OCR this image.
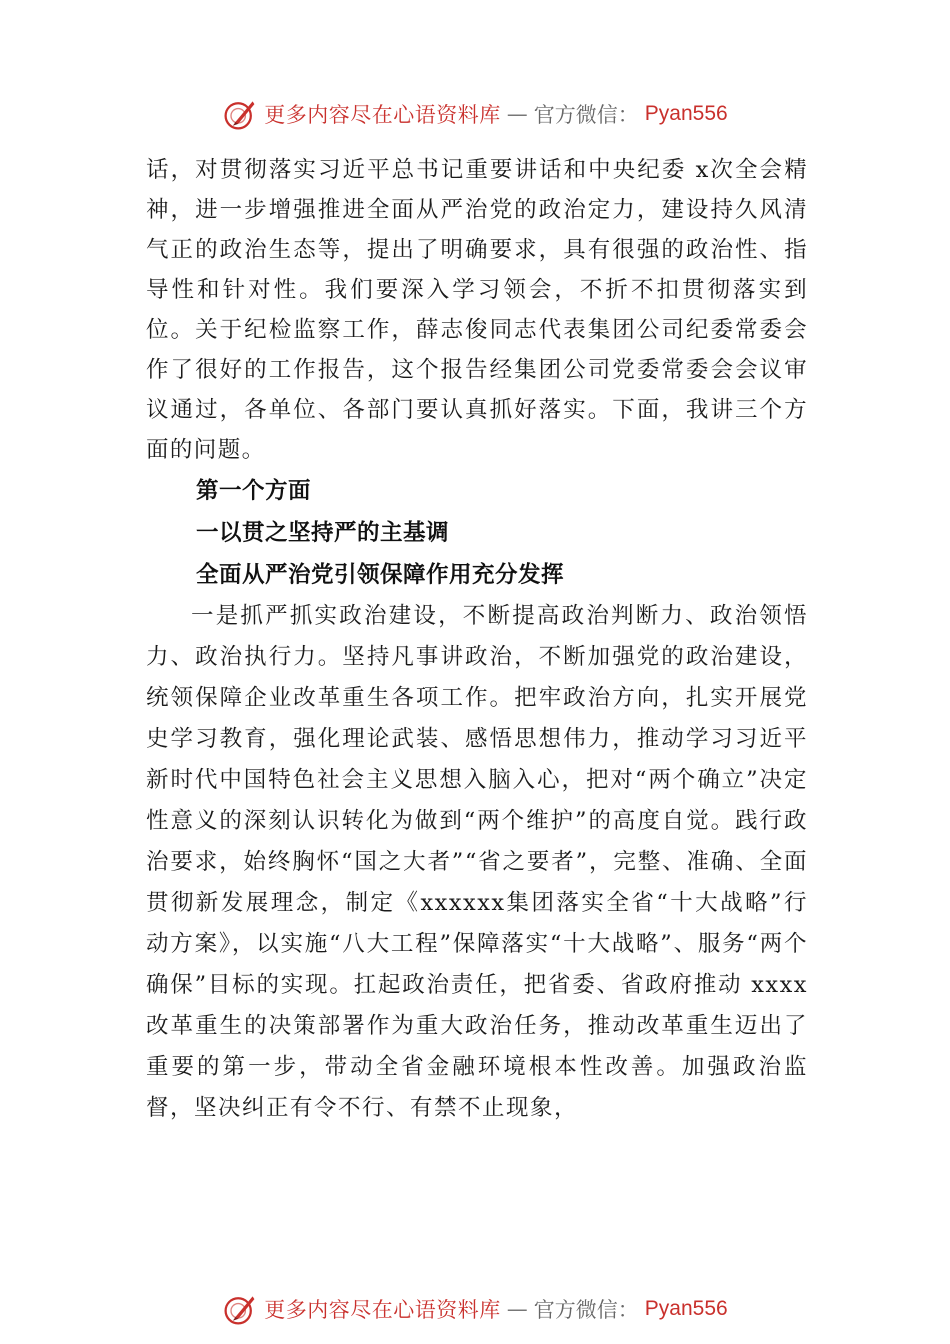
更多内容尽在心语资料库 — 官方微信： Pyan556

话，对贯彻落实习近平总书记重要讲话和中央纪委 x次全会精神，进一步增强推进全面从严治党的政治定力，建设持久风清气正的政治生态等，提出了明确要求，具有很强的政治性、指导性和针对性。我们要深入学习领会，不折不扣贯彻落实到位。关于纪检监察工作，薛志俊同志代表集团公司纪委常委会作了很好的工作报告，这个报告经集团公司党委常委会会议审议通过，各单位、各部门要认真抓好落实。下面，我讲三个方面的问题。

第一个方面

一以贯之坚持严的主基调

全面从严治党引领保障作用充分发挥

一是抓严抓实政治建设，不断提高政治判断力、政治领悟力、政治执行力。坚持凡事讲政治，不断加强党的政治建设，统领保障企业改革重生各项工作。把牢政治方向，扎实开展党史学习教育，强化理论武装、感悟思想伟力，推动学习习近平新时代中国特色社会主义思想入脑入心，把对“两个确立”决定性意义的深刻认识转化为做到“两个维护”的高度自觉。践行政治要求，始终胸怀“国之大者”“省之要者”，完整、准确、全面贯彻新发展理念，制定《xxxxxx集团落实全省“十大战略”行动方案》，以实施“八大工程”保障落实“十大战略”、服务“两个确保”目标的实现。扛起政治责任，把省委、省政府推动 xxxx 改革重生的决策部署作为重大政治任务，推动改革重生迈出了重要的第一步，带动全省金融环境根本性改善。加强政治监督，坚决纠正有令不行、有禁不止现象，

更多内容尽在心语资料库 — 官方微信： Pyan556
